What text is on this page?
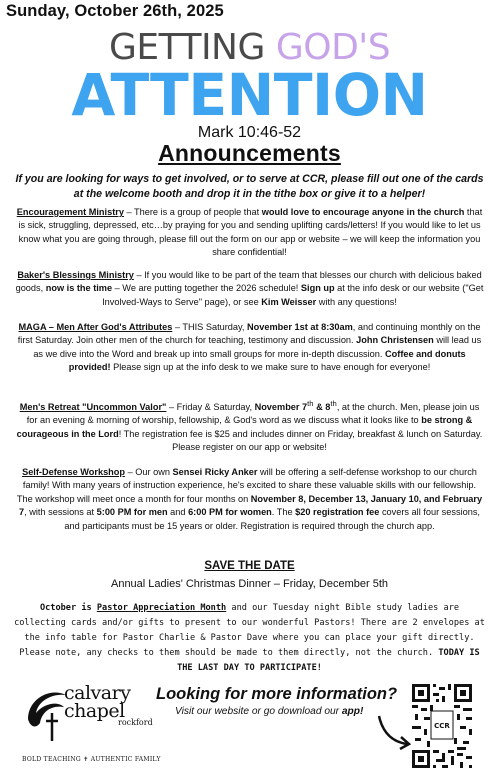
Sunday, October 26th, 2025
GETTING GOD'S
ATTENTION
Mark 10:46-52
Announcements
If you are looking for ways to get involved, or to serve at CCR, please fill out one of the cards at the welcome booth and drop it in the tithe box or give it to a helper!
Encouragement Ministry – There is a group of people that would love to encourage anyone in the church that is sick, struggling, depressed, etc…by praying for you and sending uplifting cards/letters! If you would like to let us know what you are going through, please fill out the form on our app or website – we will keep the information you share confidential!
Baker's Blessings Ministry – If you would like to be part of the team that blesses our church with delicious baked goods, now is the time – We are putting together the 2026 schedule! Sign up at the info desk or our website ("Get Involved-Ways to Serve" page), or see Kim Weisser with any questions!
MAGA – Men After God's Attributes – THIS Saturday, November 1st at 8:30am, and continuing monthly on the first Saturday. Join other men of the church for teaching, testimony and discussion. John Christensen will lead us as we dive into the Word and break up into small groups for more in-depth discussion. Coffee and donuts provided! Please sign up at the info desk to we make sure to have enough for everyone!
Men's Retreat "Uncommon Valor" – Friday & Saturday, November 7th & 8th, at the church. Men, please join us for an evening & morning of worship, fellowship, & God's word as we discuss what it looks like to be strong & courageous in the Lord! The registration fee is $25 and includes dinner on Friday, breakfast & lunch on Saturday. Please register on our app or website!
Self-Defense Workshop – Our own Sensei Ricky Anker will be offering a self-defense workshop to our church family! With many years of instruction experience, he's excited to share these valuable skills with our fellowship. The workshop will meet once a month for four months on November 8, December 13, January 10, and February 7, with sessions at 5:00 PM for men and 6:00 PM for women. The $20 registration fee covers all four sessions, and participants must be 15 years or older. Registration is required through the church app.
SAVE THE DATE
Annual Ladies' Christmas Dinner – Friday, December 5th
October is Pastor Appreciation Month and our Tuesday night Bible study ladies are collecting cards and/or gifts to present to our wonderful Pastors! There are 2 envelopes at the info table for Pastor Charlie & Pastor Dave where you can place your gift directly. Please note, any checks to them should be made to them directly, not the church. TODAY IS THE LAST DAY TO PARTICIPATE!
calvary
chapel
rockford
BOLD TEACHING ✝ AUTHENTIC FAMILY
Looking for more information?
Visit our website or go download our app!
CCR
